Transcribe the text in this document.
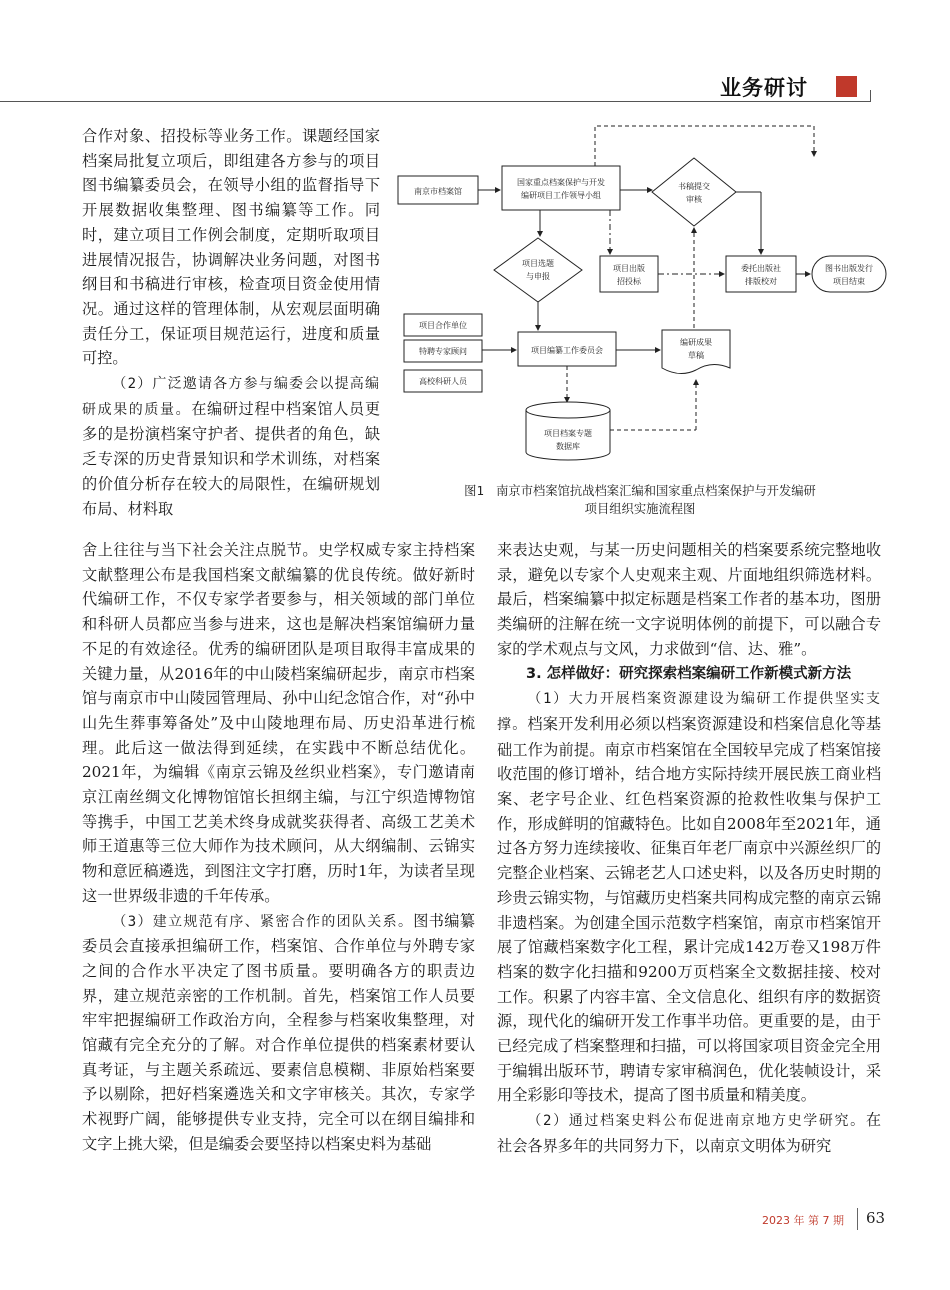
业务研讨

合作对象、招投标等业务工作。课题经国家档案局批复立项后，即组建各方参与的项目图书编纂委员会，在领导小组的监督指导下开展数据收集整理、图书编纂等工作。同时，建立项目工作例会制度，定期听取项目进展情况报告，协调解决业务问题，对图书纲目和书稿进行审核，检查项目资金使用情况。通过这样的管理体制，从宏观层面明确责任分工，保证项目规范运行，进度和质量可控。

（2）广泛邀请各方参与编委会以提高编研成果的质量。在编研过程中档案馆人员更多的是扮演档案守护者、提供者的角色，缺乏专深的历史背景知识和学术训练，对档案的价值分析存在较大的局限性，在编研规划布局、材料取

南京市档案馆
国家重点档案保护与开发
编研项目工作领导小组
书稿提交
审核
项目选题
与申报
项目出版
招投标
委托出版社
排版校对
图书出版发行
项目结束
项目合作单位
特聘专家顾问
高校科研人员
项目编纂工作委员会
编研成果
草稿
项目档案专题
数据库
图1　南京市档案馆抗战档案汇编和国家重点档案保护与开发编研
项目组织实施流程图

舍上往往与当下社会关注点脱节。史学权威专家主持档案文献整理公布是我国档案文献编纂的优良传统。做好新时代编研工作，不仅专家学者要参与，相关领域的部门单位和科研人员都应当参与进来，这也是解决档案馆编研力量不足的有效途径。优秀的编研团队是项目取得丰富成果的关键力量，从2016年的中山陵档案编研起步，南京市档案馆与南京市中山陵园管理局、孙中山纪念馆合作，对“孙中山先生葬事筹备处”及中山陵地理布局、历史沿革进行梳理。此后这一做法得到延续，在实践中不断总结优化。2021年，为编辑《南京云锦及丝织业档案》，专门邀请南京江南丝绸文化博物馆馆长担纲主编，与江宁织造博物馆等携手，中国工艺美术终身成就奖获得者、高级工艺美术师王道惠等三位大师作为技术顾问，从大纲编制、云锦实物和意匠稿遴选，到图注文字打磨，历时1年，为读者呈现这一世界级非遗的千年传承。

（3）建立规范有序、紧密合作的团队关系。图书编纂委员会直接承担编研工作，档案馆、合作单位与外聘专家之间的合作水平决定了图书质量。要明确各方的职责边界，建立规范亲密的工作机制。首先，档案馆工作人员要牢牢把握编研工作政治方向，全程参与档案收集整理，对馆藏有完全充分的了解。对合作单位提供的档案素材要认真考证，与主题关系疏远、要素信息模糊、非原始档案要予以剔除，把好档案遴选关和文字审核关。其次，专家学术视野广阔，能够提供专业支持，完全可以在纲目编排和文字上挑大梁，但是编委会要坚持以档案史料为基础

来表达史观，与某一历史问题相关的档案要系统完整地收录，避免以专家个人史观来主观、片面地组织筛选材料。最后，档案编纂中拟定标题是档案工作者的基本功，图册类编研的注解在统一文字说明体例的前提下，可以融合专家的学术观点与文风，力求做到“信、达、雅”。

3. 怎样做好：研究探索档案编研工作新模式新方法

（1）大力开展档案资源建设为编研工作提供坚实支撑。档案开发利用必须以档案资源建设和档案信息化等基础工作为前提。南京市档案馆在全国较早完成了档案馆接收范围的修订增补，结合地方实际持续开展民族工商业档案、老字号企业、红色档案资源的抢救性收集与保护工作，形成鲜明的馆藏特色。比如自2008年至2021年，通过各方努力连续接收、征集百年老厂南京中兴源丝织厂的完整企业档案、云锦老艺人口述史料，以及各历史时期的珍贵云锦实物，与馆藏历史档案共同构成完整的南京云锦非遗档案。为创建全国示范数字档案馆，南京市档案馆开展了馆藏档案数字化工程，累计完成142万卷又198万件档案的数字化扫描和9200万页档案全文数据挂接、校对工作。积累了内容丰富、全文信息化、组织有序的数据资源，现代化的编研开发工作事半功倍。更重要的是，由于已经完成了档案整理和扫描，可以将国家项目资金完全用于编辑出版环节，聘请专家审稿润色，优化装帧设计，采用全彩影印等技术，提高了图书质量和精美度。

（2）通过档案史料公布促进南京地方史学研究。在社会各界多年的共同努力下，以南京文明体为研究

2023 年 第 7 期 63
